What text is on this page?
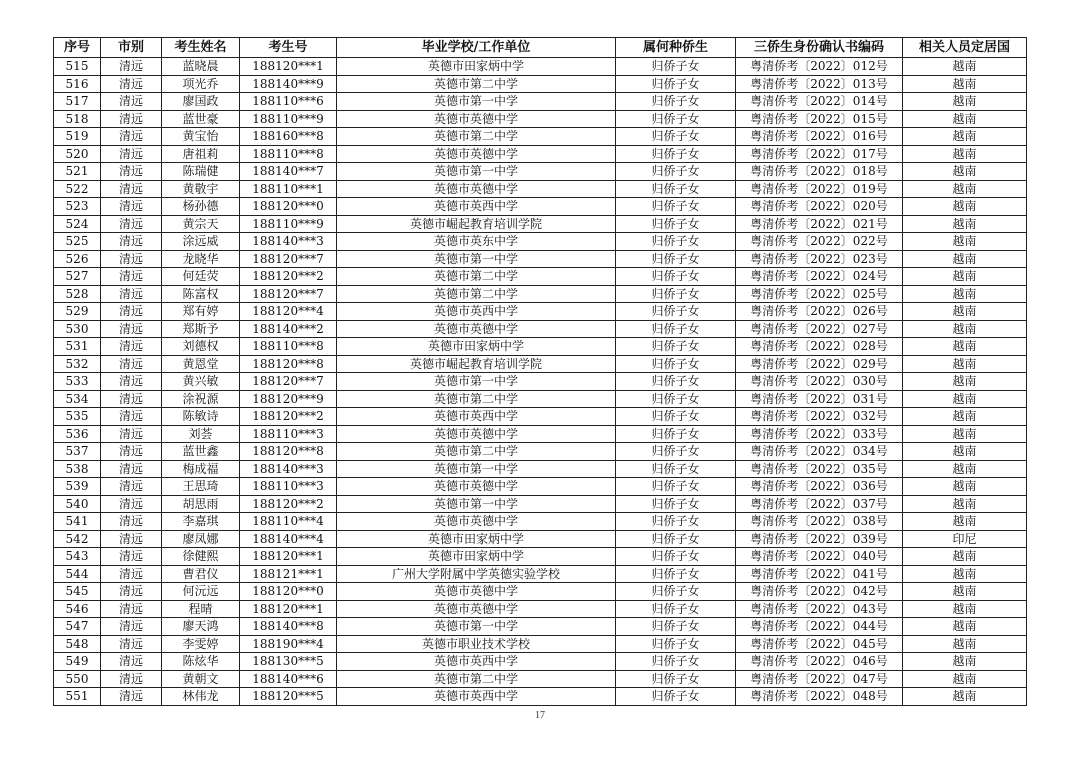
序号	市别	考生姓名	考生号	毕业学校/工作单位	属何种侨生	三侨生身份确认书编码	相关人员定居国
515	清远	蓝晓晨	188120***1	英德市田家炳中学	归侨子女	粤清侨考〔2022〕012号	越南
516	清远	项光乔	188140***9	英德市第二中学	归侨子女	粤清侨考〔2022〕013号	越南
517	清远	廖国政	188110***6	英德市第一中学	归侨子女	粤清侨考〔2022〕014号	越南
518	清远	蓝世豪	188110***9	英德市英德中学	归侨子女	粤清侨考〔2022〕015号	越南
519	清远	黄宝怡	188160***8	英德市第二中学	归侨子女	粤清侨考〔2022〕016号	越南
520	清远	唐祖莉	188110***8	英德市英德中学	归侨子女	粤清侨考〔2022〕017号	越南
521	清远	陈瑞健	188140***7	英德市第一中学	归侨子女	粤清侨考〔2022〕018号	越南
522	清远	黄敬宇	188110***1	英德市英德中学	归侨子女	粤清侨考〔2022〕019号	越南
523	清远	杨孙德	188120***0	英德市英西中学	归侨子女	粤清侨考〔2022〕020号	越南
524	清远	黄宗天	188110***9	英德市崛起教育培训学院	归侨子女	粤清侨考〔2022〕021号	越南
525	清远	涂远威	188140***3	英德市英东中学	归侨子女	粤清侨考〔2022〕022号	越南
526	清远	龙晓华	188120***7	英德市第一中学	归侨子女	粤清侨考〔2022〕023号	越南
527	清远	何廷荧	188120***2	英德市第二中学	归侨子女	粤清侨考〔2022〕024号	越南
528	清远	陈富权	188120***7	英德市第二中学	归侨子女	粤清侨考〔2022〕025号	越南
529	清远	郑有婷	188120***4	英德市英西中学	归侨子女	粤清侨考〔2022〕026号	越南
530	清远	郑斯予	188140***2	英德市英德中学	归侨子女	粤清侨考〔2022〕027号	越南
531	清远	刘德权	188110***8	英德市田家炳中学	归侨子女	粤清侨考〔2022〕028号	越南
532	清远	黄恩堂	188120***8	英德市崛起教育培训学院	归侨子女	粤清侨考〔2022〕029号	越南
533	清远	黄兴敏	188120***7	英德市第一中学	归侨子女	粤清侨考〔2022〕030号	越南
534	清远	涂祝源	188120***9	英德市第二中学	归侨子女	粤清侨考〔2022〕031号	越南
535	清远	陈敏诗	188120***2	英德市英西中学	归侨子女	粤清侨考〔2022〕032号	越南
536	清远	刘荟	188110***3	英德市英德中学	归侨子女	粤清侨考〔2022〕033号	越南
537	清远	蓝世鑫	188120***8	英德市第二中学	归侨子女	粤清侨考〔2022〕034号	越南
538	清远	梅成福	188140***3	英德市第一中学	归侨子女	粤清侨考〔2022〕035号	越南
539	清远	王思琦	188110***3	英德市英德中学	归侨子女	粤清侨考〔2022〕036号	越南
540	清远	胡思雨	188120***2	英德市第一中学	归侨子女	粤清侨考〔2022〕037号	越南
541	清远	李嘉琪	188110***4	英德市英德中学	归侨子女	粤清侨考〔2022〕038号	越南
542	清远	廖凤娜	188140***4	英德市田家炳中学	归侨子女	粤清侨考〔2022〕039号	印尼
543	清远	徐健熙	188120***1	英德市田家炳中学	归侨子女	粤清侨考〔2022〕040号	越南
544	清远	曹君仪	188121***1	广州大学附属中学英德实验学校	归侨子女	粤清侨考〔2022〕041号	越南
545	清远	何沅远	188120***0	英德市英德中学	归侨子女	粤清侨考〔2022〕042号	越南
546	清远	程晴	188120***1	英德市英德中学	归侨子女	粤清侨考〔2022〕043号	越南
547	清远	廖天鸿	188140***8	英德市第一中学	归侨子女	粤清侨考〔2022〕044号	越南
548	清远	李雯婷	188190***4	英德市职业技术学校	归侨子女	粤清侨考〔2022〕045号	越南
549	清远	陈炫华	188130***5	英德市英西中学	归侨子女	粤清侨考〔2022〕046号	越南
550	清远	黄朝文	188140***6	英德市第二中学	归侨子女	粤清侨考〔2022〕047号	越南
551	清远	林伟龙	188120***5	英德市英西中学	归侨子女	粤清侨考〔2022〕048号	越南
17
